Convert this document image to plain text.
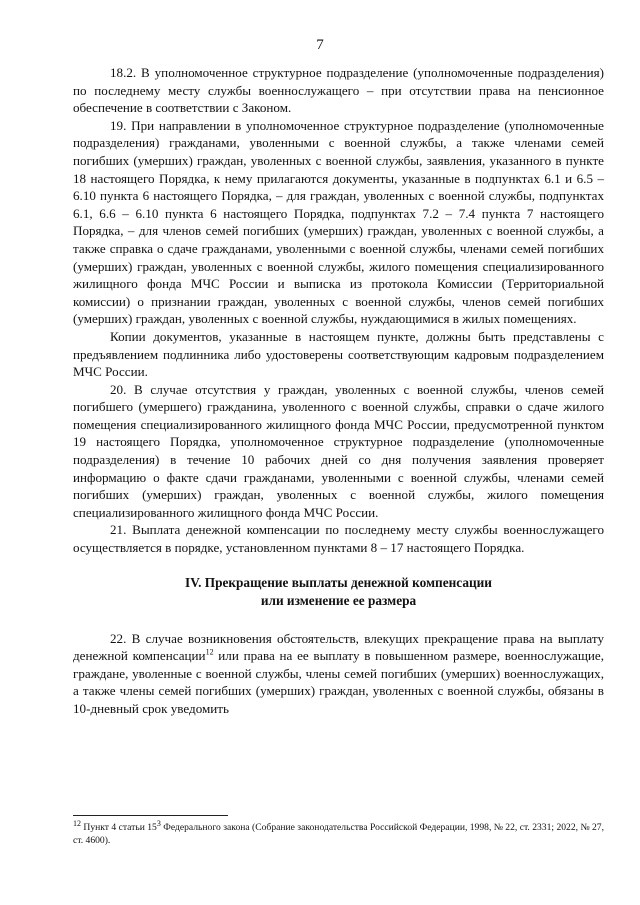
7

18.2. В уполномоченное структурное подразделение (уполномоченные подразделения) по последнему месту службы военнослужащего – при отсутствии права на пенсионное обеспечение в соответствии с Законом.

19. При направлении в уполномоченное структурное подразделение (уполномоченные подразделения) гражданами, уволенными с военной службы, а также членами семей погибших (умерших) граждан, уволенных с военной службы, заявления, указанного в пункте 18 настоящего Порядка, к нему прилагаются документы, указанные в подпунктах 6.1 и 6.5 – 6.10 пункта 6 настоящего Порядка, – для граждан, уволенных с военной службы, подпунктах 6.1, 6.6 – 6.10 пункта 6 настоящего Порядка, подпунктах 7.2 – 7.4 пункта 7 настоящего Порядка, – для членов семей погибших (умерших) граждан, уволенных с военной службы, а также справка о сдаче гражданами, уволенными с военной службы, членами семей погибших (умерших) граждан, уволенных с военной службы, жилого помещения специализированного жилищного фонда МЧС России и выписка из протокола Комиссии (Территориальной комиссии) о признании граждан, уволенных с военной службы, членов семей погибших (умерших) граждан, уволенных с военной службы, нуждающимися в жилых помещениях.

Копии документов, указанные в настоящем пункте, должны быть представлены с предъявлением подлинника либо удостоверены соответствующим кадровым подразделением МЧС России.

20. В случае отсутствия у граждан, уволенных с военной службы, членов семей погибшего (умершего) гражданина, уволенного с военной службы, справки о сдаче жилого помещения специализированного жилищного фонда МЧС России, предусмотренной пунктом 19 настоящего Порядка, уполномоченное структурное подразделение (уполномоченные подразделения) в течение 10 рабочих дней со дня получения заявления проверяет информацию о факте сдачи гражданами, уволенными с военной службы, членами семей погибших (умерших) граждан, уволенных с военной службы, жилого помещения специализированного жилищного фонда МЧС России.

21. Выплата денежной компенсации по последнему месту службы военнослужащего осуществляется в порядке, установленном пунктами 8 – 17 настоящего Порядка.

IV. Прекращение выплаты денежной компенсации
или изменение ее размера

22. В случае возникновения обстоятельств, влекущих прекращение права на выплату денежной компенсации$^{12}$ или права на ее выплату в повышенном размере, военнослужащие, граждане, уволенные с военной службы, члены семей погибших (умерших) военнослужащих, а также члены семей погибших (умерших) граждан, уволенных с военной службы, обязаны в 10-дневный срок уведомить

$^{12}$ Пункт 4 статьи $15^3$ Федерального закона (Собрание законодательства Российской Федерации, 1998, № 22, ст. 2331; 2022, № 27, ст. 4600).
